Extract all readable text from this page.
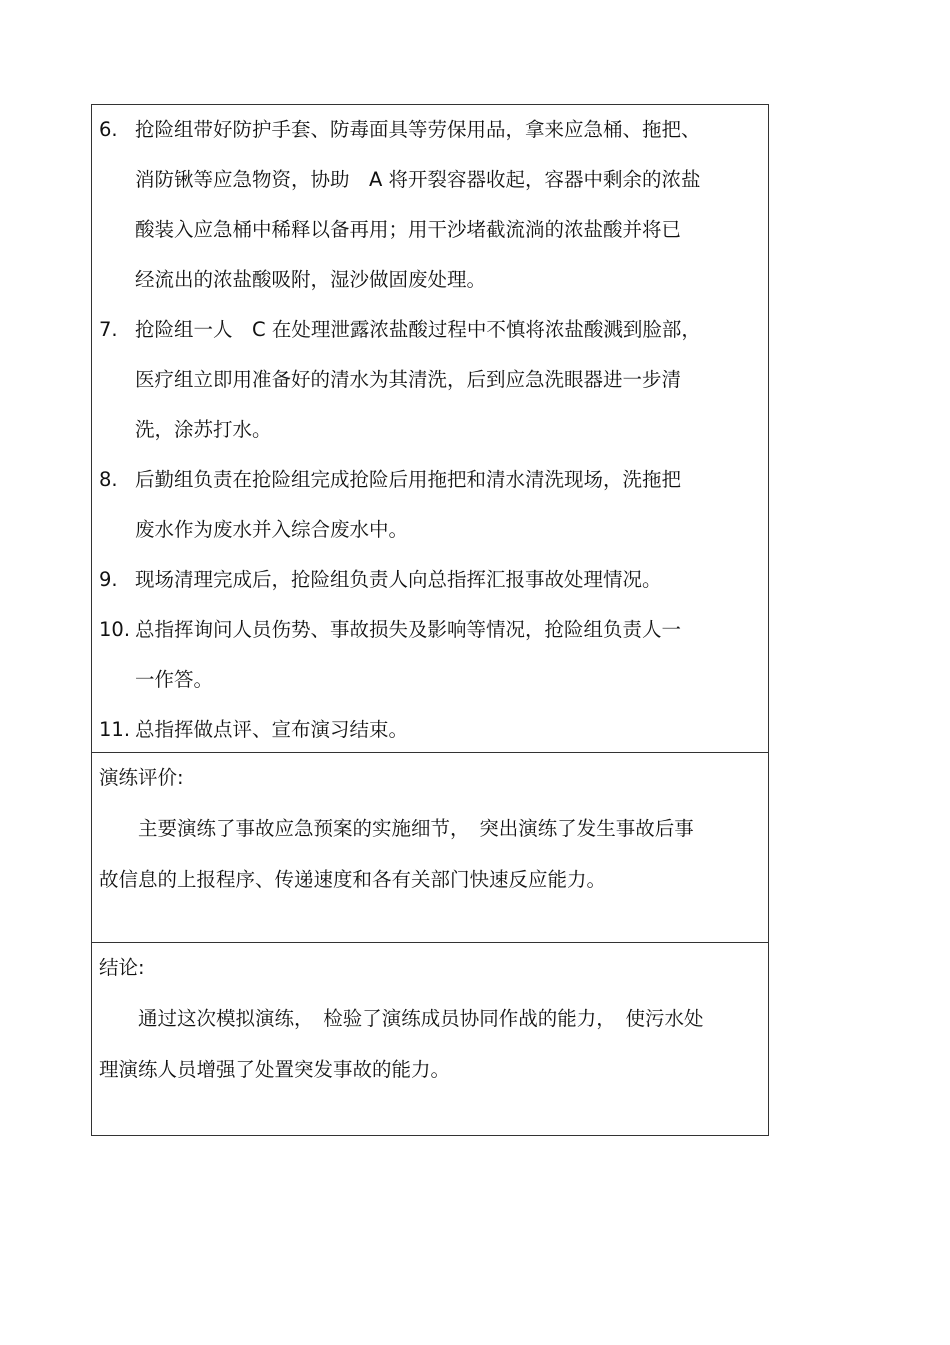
6. 抢险组带好防护手套、防毒面具等劳保用品，拿来应急桶、拖把、
消防锹等应急物资，协助　A 将开裂容器收起，容器中剩余的浓盐
酸装入应急桶中稀释以备再用；用干沙堵截流淌的浓盐酸并将已
经流出的浓盐酸吸附，湿沙做固废处理。
7. 抢险组一人　C 在处理泄露浓盐酸过程中不慎将浓盐酸溅到脸部，
医疗组立即用准备好的清水为其清洗，后到应急洗眼器进一步清
洗，涂苏打水。
8. 后勤组负责在抢险组完成抢险后用拖把和清水清洗现场，洗拖把
废水作为废水并入综合废水中。
9. 现场清理完成后，抢险组负责人向总指挥汇报事故处理情况。
10. 总指挥询问人员伤势、事故损失及影响等情况，抢险组负责人一
一作答。
11. 总指挥做点评、宣布演习结束。
演练评价:

　　主要演练了事故应急预案的实施细节，　突出演练了发生事故后事
故信息的上报程序、传递速度和各有关部门快速反应能力。

结论:

　　通过这次模拟演练，　检验了演练成员协同作战的能力，　使污水处
理演练人员增强了处置突发事故的能力。
